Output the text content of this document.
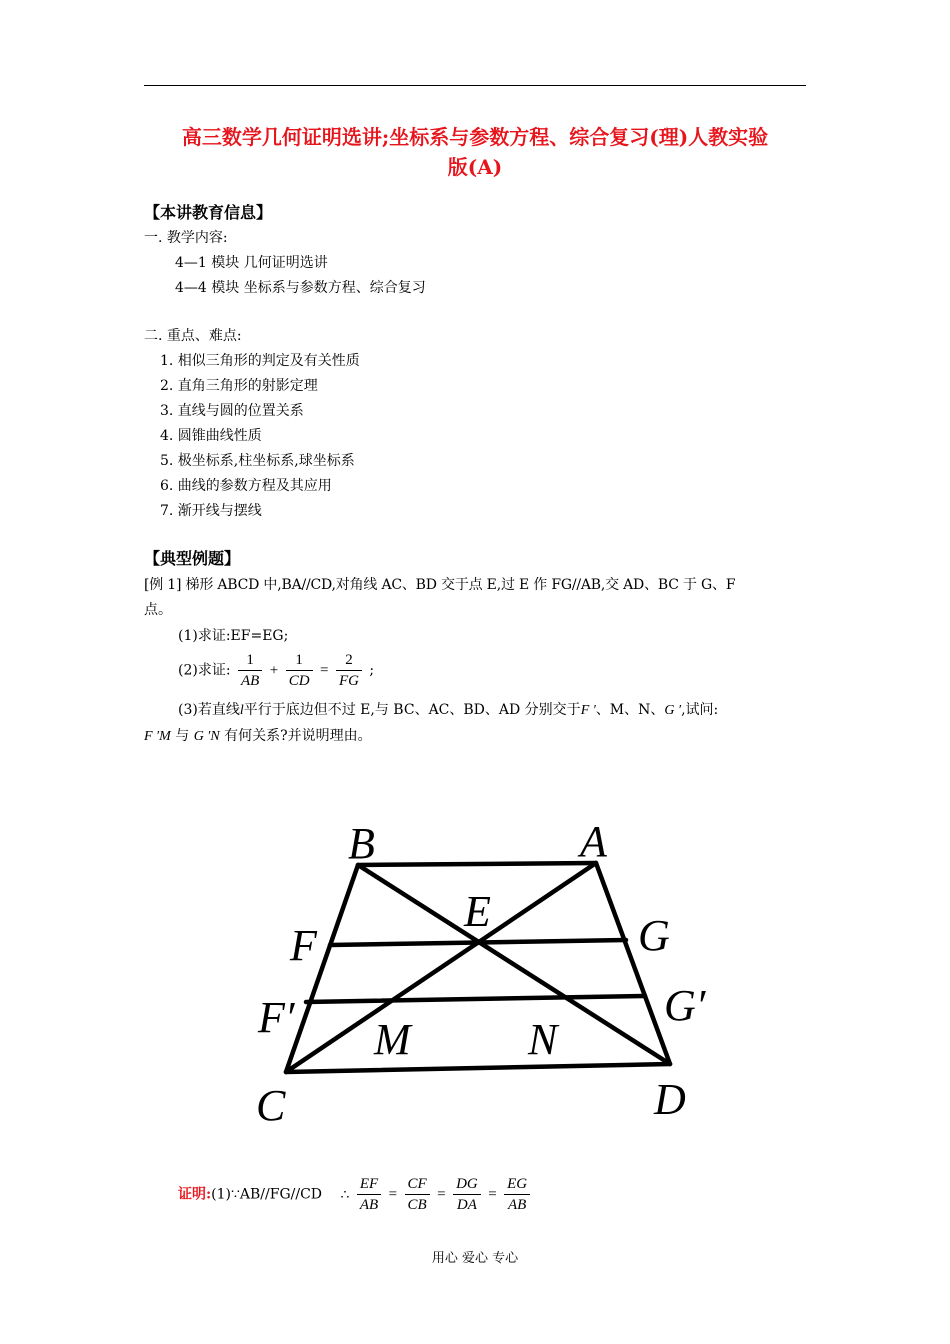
高三数学几何证明选讲;坐标系与参数方程、综合复习(理)人教实验
版(A)
【本讲教育信息】
一. 教学内容:
4—1 模块 几何证明选讲
4—4 模块 坐标系与参数方程、综合复习
二. 重点、难点:
1. 相似三角形的判定及有关性质
2. 直角三角形的射影定理
3. 直线与圆的位置关系
4. 圆锥曲线性质
5. 极坐标系,柱坐标系,球坐标系
6. 曲线的参数方程及其应用
7. 渐开线与摆线
【典型例题】
[例 1] 梯形 ABCD 中,BA//CD,对角线 AC、BD 交于点 E,过 E 作 FG//AB,交 AD、BC 于 G、F
点。
(1)求证:EF=EG;
(2)求证: $\frac{1}{AB} + \frac{1}{CD} = \frac{2}{FG}$ ;
(3)若直线l平行于底边但不过 E,与 BC、AC、BD、AD 分别交于F ′、M、N、G ′,试问:
F ′M 与 G ′N 有何关系?并说明理由。
B	A
E
F	G
F′	G′
M	N
C	D
证明:(1)∵AB//FG//CD ∴ $\frac{EF}{AB} = \frac{CF}{CB} = \frac{DG}{DA} = \frac{EG}{AB}$
用心 爱心 专心
